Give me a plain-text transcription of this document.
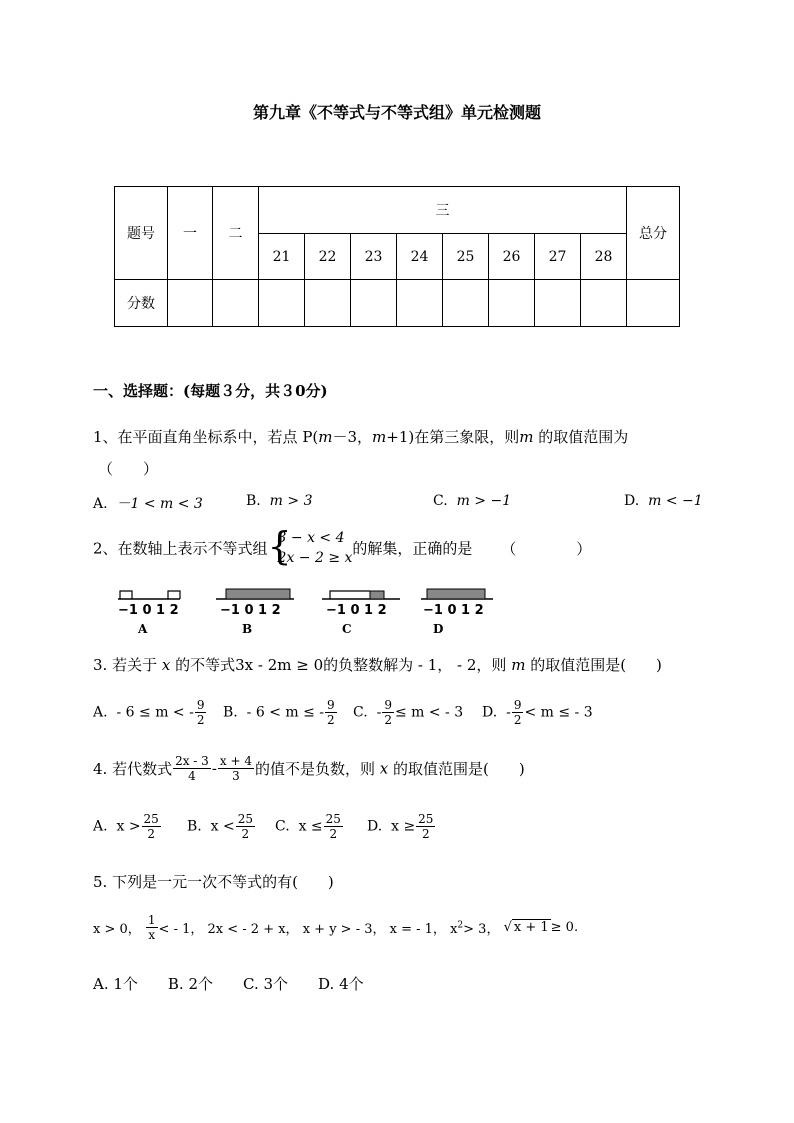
第九章《不等式与不等式组》单元检测题
题号	一	二	三								总分
			21	22	23	24	25	26	27	28	
分数											
一、选择题：(每题３分，共３0分)
1、在平面直角坐标系中，若点 P(m－3，m+1)在第三象限，则m 的取值范围为
（　　）
A. －1 < m < 3	B. m > 3	C. m > −1	D. m < −1
2、在数轴上表示不等式组 {
3 − x < 4
2x − 2 ≥ x
的解集，正确的是 （　　　　）
−1 0 1 2
A
−1 0 1 2
B
−1 0 1 2
C
−1 0 1 2
D
3. 若关于 x 的不等式3x - 2m ≥ 0的负整数解为 - 1， - 2，则 m 的取值范围是(　　)
A. - 6 ≤ m < - $\frac{9}{2} B$. - 6 < m ≤ - $\frac{9}{2} C$. - $\frac{9}{2} \le m$ < - 3 D. - $\frac{9}{2} < m$ ≤ - 3
4. 若代数式 $\frac{2x - 3}{4} - \frac{x + 4}{3}$ 的值不是负数，则 x 的取值范围是(　　)
A. $x > \frac{25}{2} B$. $x < \frac{25}{2} C$. $x \le \frac{25}{2} D$. $x \ge \frac{25}{2}$
5. 下列是一元一次不等式的有(　　)
x > 0， $\frac{1}{x}$ < - 1， 2x < - 2 + x， x + y > - 3， x = - 1， $x^2> 3$， √ x + 1 ≥ 0.
A. 1个　　B. 2个　　C. 3个　　D. 4个
